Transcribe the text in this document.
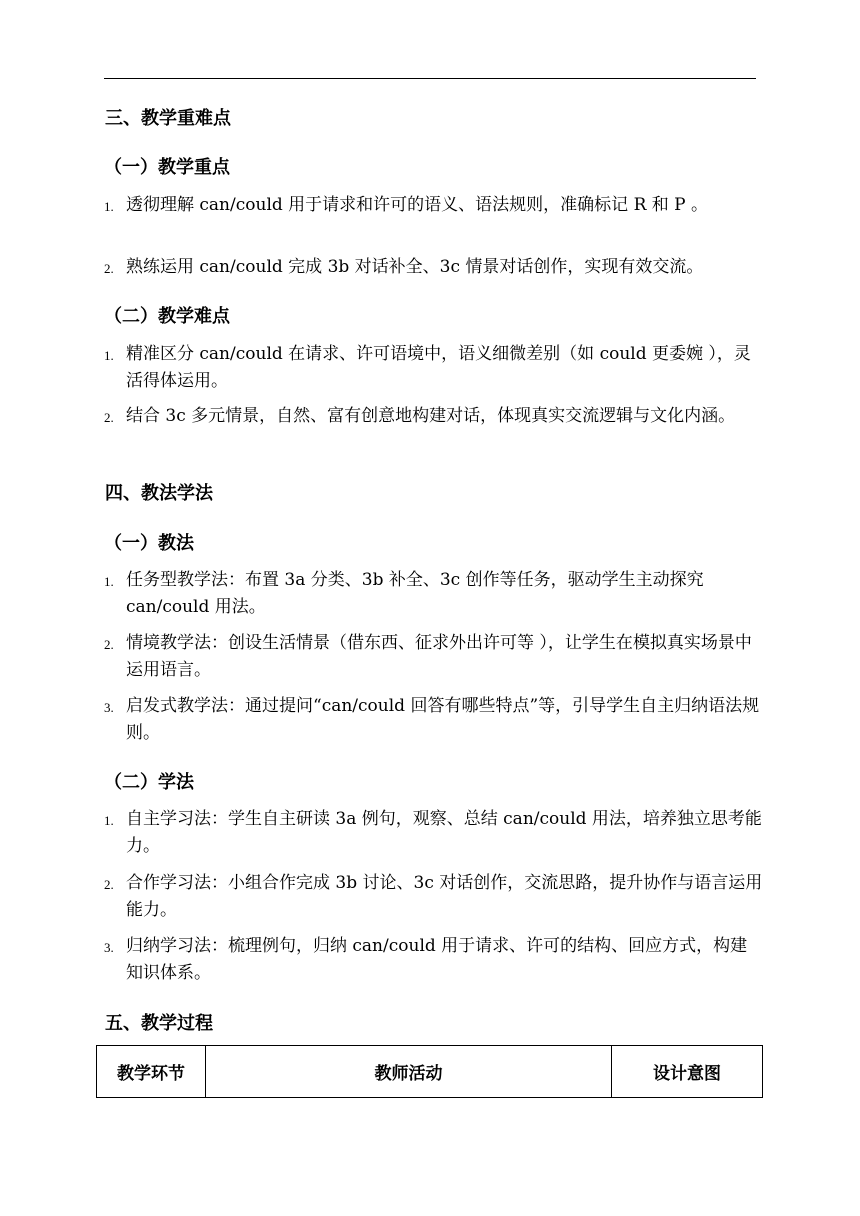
三、教学重难点
（一）教学重点
1. 透彻理解 can/could 用于请求和许可的语义、语法规则，准确标记 R 和 P 。
2. 熟练运用 can/could 完成 3b 对话补全、3c 情景对话创作，实现有效交流。
（二）教学难点
1. 精准区分 can/could 在请求、许可语境中，语义细微差别（如 could 更委婉 ），灵活得体运用。
2. 结合 3c 多元情景，自然、富有创意地构建对话，体现真实交流逻辑与文化内涵。
四、教法学法
（一）教法
1. 任务型教学法：布置 3a 分类、3b 补全、3c 创作等任务，驱动学生主动探究 can/could 用法。
2. 情境教学法：创设生活情景（借东西、征求外出许可等 ），让学生在模拟真实场景中运用语言。
3. 启发式教学法：通过提问“can/could 回答有哪些特点”等，引导学生自主归纳语法规则。
（二）学法
1. 自主学习法：学生自主研读 3a 例句，观察、总结 can/could 用法，培养独立思考能力。
2. 合作学习法：小组合作完成 3b 讨论、3c 对话创作，交流思路，提升协作与语言运用能力。
3. 归纳学习法：梳理例句，归纳 can/could 用于请求、许可的结构、回应方式，构建知识体系。
五、教学过程
教学环节	教师活动	设计意图
